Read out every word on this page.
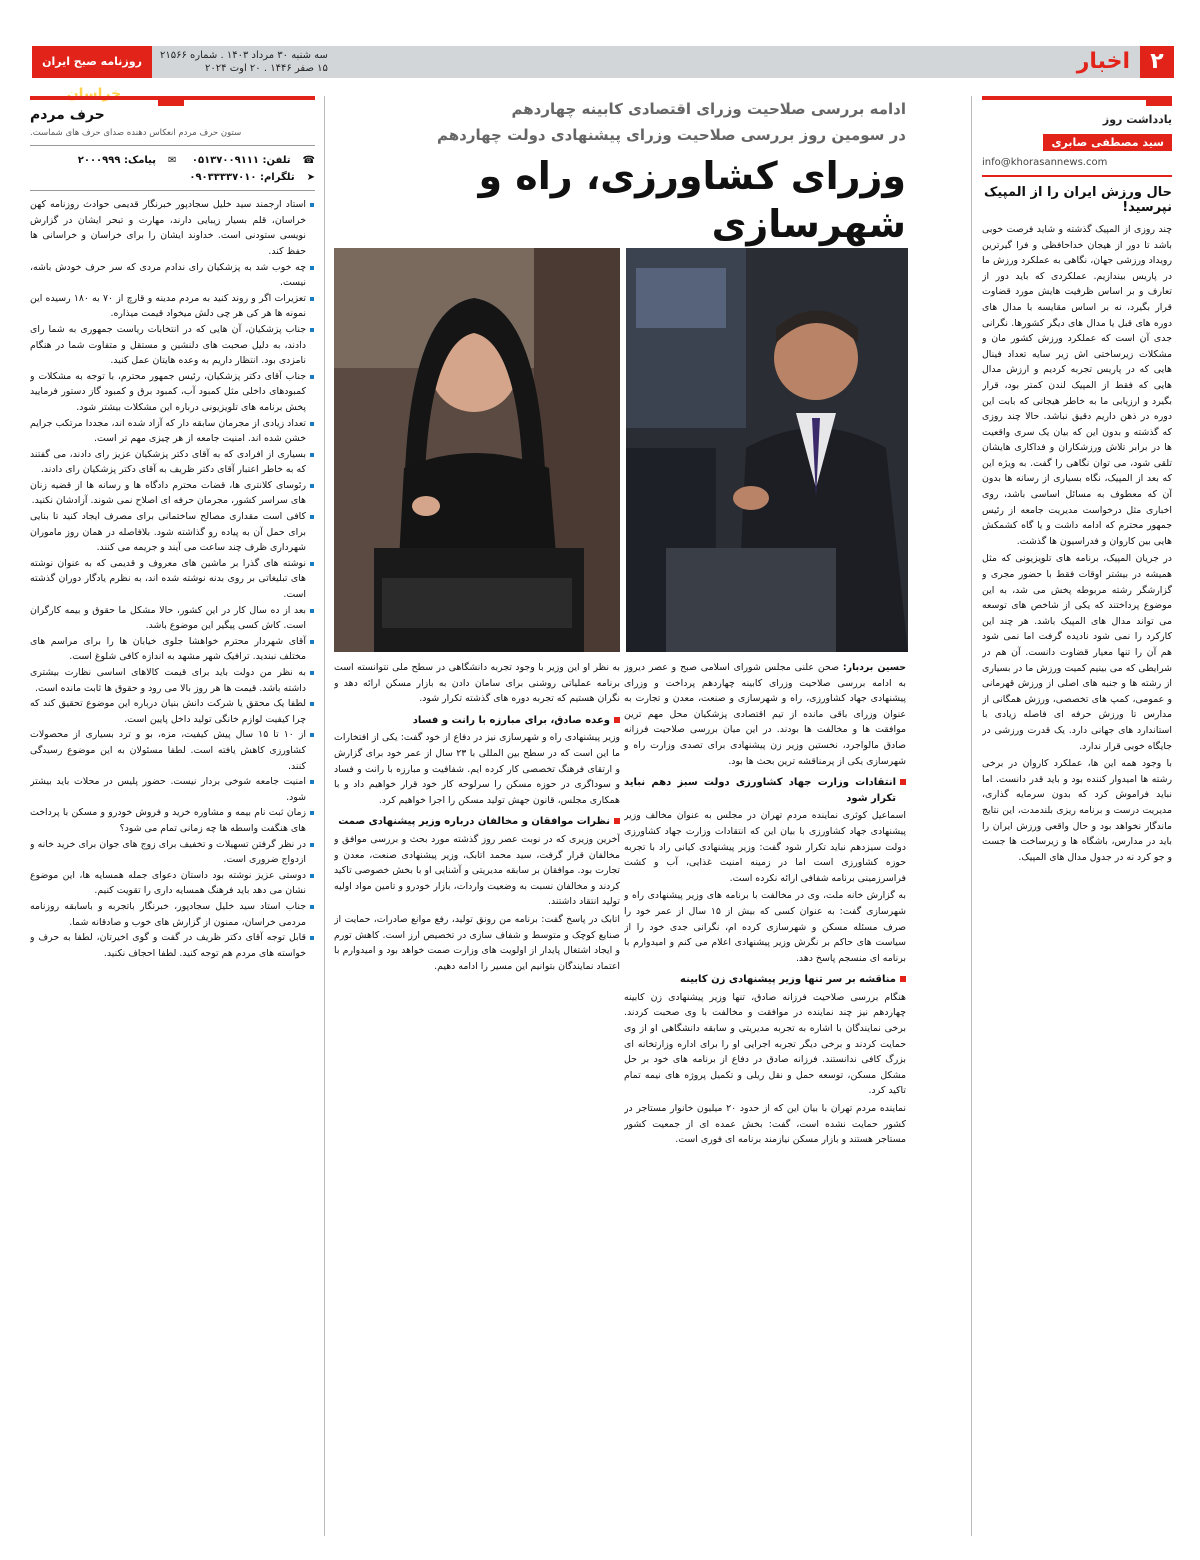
۲
اخبار
روزنامه صبح ایران خراسان
سه شنبه ۳۰ مرداد ۱۴۰۳ . شماره ۲۱۵۶۶
۱۵ صفر ۱۴۴۶ . ۲۰ اوت ۲۰۲۴
یادداشت روز
سید مصطفی صابری
info@khorasannews.com
حال ورزش ایران را از المپیک نپرسید!

چند روزی از المپیک گذشته و شاید فرصت خوبی باشد تا دور از هیجان خداحافظی و فرا گیرترین رویداد ورزشی جهان، نگاهی به عملکرد ورزش ما در پاریس بیندازیم. عملکردی که باید دور از تعارف و بر اساس ظرفیت هایش مورد قضاوت قرار بگیرد، نه بر اساس مقایسه با مدال های دوره های قبل یا مدال های دیگر کشورها. نگرانی جدی آن است که عملکرد ورزش کشور مان و مشکلات زیرساختی اش زیر سایه تعداد فینال هایی که در پاریس تجربه کردیم و ارزش مدال هایی که فقط از المپیک لندن کمتر بود، قرار بگیرد و ارزیابی ما به خاطر هیجانی که بابت این دوره در ذهن داریم دقیق نباشد. حالا چند روزی که گذشته و بدون این که بیان یک سری واقعیت ها در برابر تلاش ورزشکاران و فداکاری هایشان تلقی شود، می توان نگاهی را گفت. به ویژه این که بعد از المپیک، نگاه بسیاری از رسانه ها بدون آن که معطوف به مسائل اساسی باشد، روی اخباری مثل درخواست مدیریت جامعه از رئیس جمهور محترم که ادامه داشت و یا گاه کشمکش هایی بین کاروان و فدراسیون ها گذشت.

در جریان المپیک، برنامه های تلویزیونی که مثل همیشه در بیشتر اوقات فقط با حضور مجری و گزارشگر رشته مربوطه پخش می شد، به این موضوع پرداختند که یکی از شاخص های توسعه می تواند مدال های المپیک باشد. هر چند این کارکرد را نمی شود نادیده گرفت اما نمی شود هم آن را تنها معیار قضاوت دانست. آن هم در شرایطی که می بینیم کمیت ورزش ما در بسیاری از رشته ها و جنبه های اصلی از ورزش قهرمانی و عمومی، کمپ های تخصصی، ورزش همگانی از مدارس تا ورزش حرفه ای فاصله زیادی با استاندارد های جهانی دارد. یک قدرت ورزشی در جایگاه خوبی قرار ندارد.

با وجود همه این ها، عملکرد کاروان در برخی رشته ها امیدوار کننده بود و باید قدر دانست. اما نباید فراموش کرد که بدون سرمایه گذاری، مدیریت درست و برنامه ریزی بلندمدت، این نتایج ماندگار نخواهد بود و حال واقعی ورزش ایران را باید در مدارس، باشگاه ها و زیرساخت ها جست و جو کرد نه در جدول مدال های المپیک.

ادامه بررسی صلاحیت وزرای اقتصادی کابینه چهاردهم
در سومین روز بررسی صلاحیت وزرای پیشنهادی دولت چهاردهم
وزرای کشاورزی، راه و شهرسازی

حسین بردبار: صحن علنی مجلس شورای اسلامی صبح و عصر دیروز به ادامه بررسی صلاحیت وزرای کابینه چهاردهم پرداخت و وزرای پیشنهادی جهاد کشاورزی، راه و شهرسازی و صنعت، معدن و تجارت به عنوان وزرای باقی مانده از تیم اقتصادی پزشکیان محل مهم ترین موافقت ها و مخالفت ها بودند. در این میان بررسی صلاحیت فرزانه صادق مالواجرد، نخستین وزیر زن پیشنهادی برای تصدی وزارت راه و شهرسازی یکی از پرمناقشه ترین بحث ها بود.

انتقادات وزارت جهاد کشاورزی دولت سبز دهم نباید تکرار شود

اسماعیل کوثری نماینده مردم تهران در مجلس به عنوان مخالف وزیر پیشنهادی جهاد کشاورزی با بیان این که انتقادات وزارت جهاد کشاورزی دولت سیزدهم نباید تکرار شود گفت: وزیر پیشنهادی کیانی راد با تجربه حوزه کشاورزی است اما در زمینه امنیت غذایی، آب و کشت فراسرزمینی برنامه شفافی ارائه نکرده است.

به گزارش خانه ملت، وی در مخالفت با برنامه های وزیر پیشنهادی راه و شهرسازی گفت: به عنوان کسی که بیش از ۱۵ سال از عمر خود را صرف مسئله مسکن و شهرسازی کرده ام، نگرانی جدی خود را از سیاست های حاکم بر نگرش وزیر پیشنهادی اعلام می کنم و امیدوارم با برنامه ای منسجم پاسخ دهد.

مناقشه بر سر تنها وزیر پیشنهادی زن کابینه

هنگام بررسی صلاحیت فرزانه صادق، تنها وزیر پیشنهادی زن کابینه چهاردهم نیز چند نماینده در موافقت و مخالفت با وی صحبت کردند. برخی نمایندگان با اشاره به تجربه مدیریتی و سابقه دانشگاهی او از وی حمایت کردند و برخی دیگر تجربه اجرایی او را برای اداره وزارتخانه ای بزرگ کافی ندانستند. فرزانه صادق در دفاع از برنامه های خود بر حل مشکل مسکن، توسعه حمل و نقل ریلی و تکمیل پروژه های نیمه تمام تاکید کرد.

نماینده مردم تهران با بیان این که از حدود ۲۰ میلیون خانوار مستاجر در کشور حمایت نشده است، گفت: بخش عمده ای از جمعیت کشور مستاجر هستند و بازار مسکن نیازمند برنامه ای فوری است.

به نظر او این وزیر با وجود تجربه دانشگاهی در سطح ملی نتوانسته است برنامه عملیاتی روشنی برای سامان دادن به بازار مسکن ارائه دهد و نگران هستیم که تجربه دوره های گذشته تکرار شود.

وعده صادق، برای مبارزه با رانت و فساد

وزیر پیشنهادی راه و شهرسازی نیز در دفاع از خود گفت: یکی از افتخارات ما این است که در سطح بین المللی با ۲۳ سال از عمر خود برای گزارش و ارتقای فرهنگ تخصصی کار کرده ایم. شفافیت و مبارزه با رانت و فساد و سوداگری در حوزه مسکن را سرلوحه کار خود قرار خواهیم داد و با همکاری مجلس، قانون جهش تولید مسکن را اجرا خواهیم کرد.

نظرات موافقان و مخالفان درباره وزیر پیشنهادی صمت

آخرین وزیری که در نوبت عصر روز گذشته مورد بحث و بررسی موافق و مخالفان قرار گرفت، سید محمد اتابک، وزیر پیشنهادی صنعت، معدن و تجارت بود. موافقان بر سابقه مدیریتی و آشنایی او با بخش خصوصی تاکید کردند و مخالفان نسبت به وضعیت واردات، بازار خودرو و تامین مواد اولیه تولید انتقاد داشتند.

اتابک در پاسخ گفت: برنامه من رونق تولید، رفع موانع صادرات، حمایت از صنایع کوچک و متوسط و شفاف سازی در تخصیص ارز است. کاهش تورم و ایجاد اشتغال پایدار از اولویت های وزارت صمت خواهد بود و امیدوارم با اعتماد نمایندگان بتوانیم این مسیر را ادامه دهیم.

حرف مردم
ستون حرف مردم انعکاس دهنده صدای حرف های شماست.
☎تلفن: ۰۵۱۳۷۰۰۹۱۱۱ ✉پیامک: ۲۰۰۰۹۹۹
➤تلگرام: ۰۹۰۳۳۳۳۷۰۱۰
استاد ارجمند سید خلیل سجادپور خبرنگار قدیمی حوادث روزنامه کهن خراسان، قلم بسیار زیبایی دارند، مهارت و تبحر ایشان در گزارش نویسی ستودنی است. خداوند ایشان را برای خراسان و خراسانی ها حفظ کند.
چه خوب شد به پزشکیان رای ندادم مردی که سر حرف خودش باشه، نیست.
تعزیرات اگر و روند کنید به مردم مدینه و قارچ از ۷۰ به ۱۸۰ رسیده این نمونه ها هر کی هر چی دلش میخواد قیمت میذاره.
جناب پزشکیان، آن هایی که در انتخابات ریاست جمهوری به شما رای دادند، به دلیل صحبت های دلنشین و مستقل و متفاوت شما در هنگام نامزدی بود. انتظار داریم به وعده هایتان عمل کنید.
جناب آقای دکتر پزشکیان، رئیس جمهور محترم، با توجه به مشکلات و کمبودهای داخلی مثل کمبود آب، کمبود برق و کمبود گاز دستور فرمایید پخش برنامه های تلویزیونی درباره این مشکلات بیشتر شود.
تعداد زیادی از مجرمان سابقه دار که آزاد شده اند، مجددا مرتکب جرایم خشن شده اند. امنیت جامعه از هر چیزی مهم تر است.
بسیاری از افرادی که به آقای دکتر پزشکیان عزیز رای دادند، می گفتند که به خاطر اعتبار آقای دکتر ظریف به آقای دکتر پزشکیان رای دادند.
رئوسای کلانتری ها، قضات محترم دادگاه ها و رسانه ها از قضیه زنان های سراسر کشور، مجرمان حرفه ای اصلاح نمی شوند. آزادشان نکنید.
کافی است مقداری مصالح ساختمانی برای مصرف ایجاد کنید تا بنایی برای حمل آن به پیاده رو گذاشته شود. بلافاصله در همان روز ماموران شهرداری ظرف چند ساعت می آیند و جریمه می کنند.
نوشته های گذرا بر ماشین های معروف و قدیمی که به عنوان نوشته های تبلیغاتی بر روی بدنه نوشته شده اند، به نظرم یادگار دوران گذشته است.
بعد از ده سال کار در این کشور، حالا مشکل ما حقوق و بیمه کارگران است. کاش کسی پیگیر این موضوع باشد.
آقای شهردار محترم خواهشا جلوی خیابان ها را برای مراسم های مختلف نبندید. ترافیک شهر مشهد به اندازه کافی شلوغ است.
به نظر من دولت باید برای قیمت کالاهای اساسی نظارت بیشتری داشته باشد. قیمت ها هر روز بالا می رود و حقوق ها ثابت مانده است.
لطفا یک محقق یا شرکت دانش بنیان درباره این موضوع تحقیق کند که چرا کیفیت لوازم خانگی تولید داخل پایین است.
از ۱۰ تا ۱۵ سال پیش کیفیت، مزه، بو و ترد بسیاری از محصولات کشاورزی کاهش یافته است. لطفا مسئولان به این موضوع رسیدگی کنند.
امنیت جامعه شوخی بردار نیست. حضور پلیس در محلات باید بیشتر شود.
زمان ثبت نام بیمه و مشاوره خرید و فروش خودرو و مسکن با پرداخت های هنگفت واسطه ها چه زمانی تمام می شود؟
در نظر گرفتن تسهیلات و تخفیف برای زوج های جوان برای خرید خانه و ازدواج ضروری است.
دوستی عزیز نوشته بود داستان دعوای جمله همسایه ها، این موضوع نشان می دهد باید فرهنگ همسایه داری را تقویت کنیم.
جناب استاد سید خلیل سجادپور، خبرنگار باتجربه و باسابقه روزنامه مردمی خراسان، ممنون از گزارش های خوب و صادقانه شما.
قابل توجه آقای دکتر ظریف در گفت و گوی اخیرتان، لطفا به حرف و خواسته های مردم هم توجه کنید. لطفا احجاف نکنید.
